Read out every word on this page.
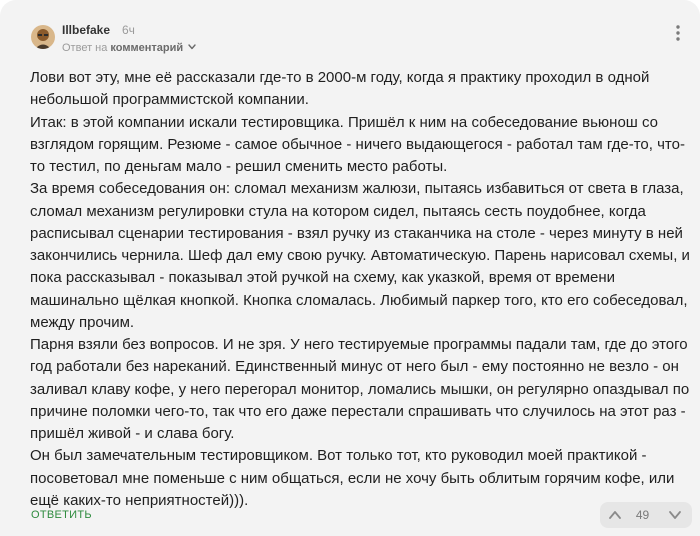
Illbefake 6ч
Ответ на комментарий

Лови вот эту, мне её рассказали где-то в 2000-м году, когда я практику проходил в одной небольшой программистской компании.

Итак: в этой компании искали тестировщика. Пришёл к ним на собеседование вьюнош со взглядом горящим. Резюме - самое обычное - ничего выдающегося - работал там где-то, что-то тестил, по деньгам мало - решил сменить место работы.

За время собеседования он: сломал механизм жалюзи, пытаясь избавиться от света в глаза, сломал механизм регулировки стула на котором сидел, пытаясь сесть поудобнее, когда расписывал сценарии тестирования - взял ручку из стаканчика на столе - через минуту в ней закончились чернила. Шеф дал ему свою ручку. Автоматическую. Парень нарисовал схемы, и пока рассказывал - показывал этой ручкой на схему, как указкой, время от времени машинально щёлкая кнопкой. Кнопка сломалась. Любимый паркер того, кто его собеседовал, между прочим.

Парня взяли без вопросов. И не зря. У него тестируемые программы падали там, где до этого год работали без нареканий. Единственный минус от него был - ему постоянно не везло - он заливал клаву кофе, у него перегорал монитор, ломались мышки, он регулярно опаздывал по причине поломки чего-то, так что его даже перестали спрашивать что случилось на этот раз - пришёл живой - и слава богу.

Он был замечательным тестировщиком. Вот только тот, кто руководил моей практикой - посоветовал мне поменьше с ним общаться, если не хочу быть облитым горячим кофе, или ещё каких-то неприятностей))).

ОТВЕТИТЬ	49
